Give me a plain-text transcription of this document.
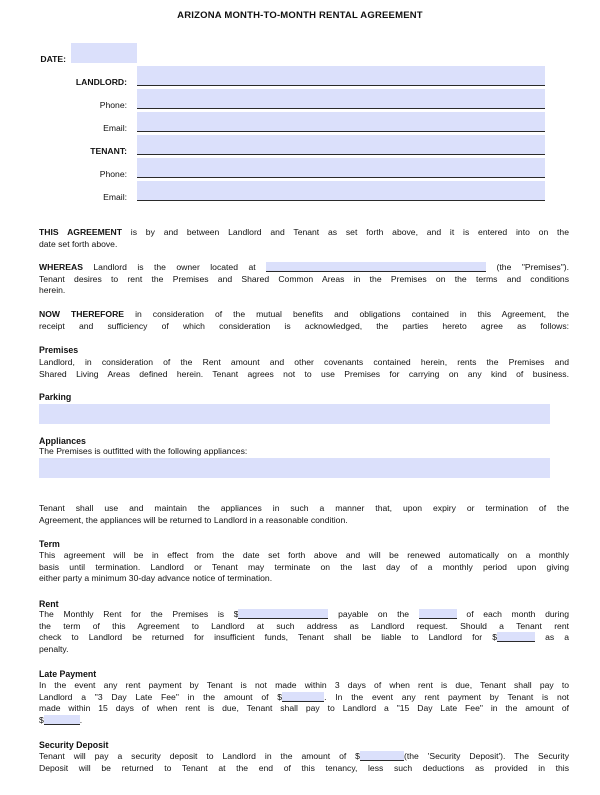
ARIZONA MONTH-TO-MONTH RENTAL AGREEMENT
DATE:
LANDLORD:
Phone:
Email:
TENANT:
Phone:
Email:
THIS AGREEMENT is by and between Landlord and Tenant as set forth above, and it is entered into on the
date set forth above.
WHEREAS Landlord is the owner located at	(the "Premises").
Tenant desires to rent the Premises and Shared Common Areas in the Premises on the terms and conditions
herein.
NOW THEREFORE in consideration of the mutual benefits and obligations contained in this Agreement, the
receipt and sufficiency of which consideration is acknowledged, the parties hereto agree as follows:
Premises
Landlord, in consideration of the Rent amount and other covenants contained herein, rents the Premises and
Shared Living Areas defined herein. Tenant agrees not to use Premises for carrying on any kind of business.
Parking
Appliances
The Premises is outfitted with the following appliances:
Tenant shall use and maintain the appliances in such a manner that, upon expiry or termination of the
Agreement, the appliances will be returned to Landlord in a reasonable condition.
Term
This agreement will be in effect from the date set forth above and will be renewed automatically on a monthly
basis until termination. Landlord or Tenant may terminate on the last day of a monthly period upon giving
either party a minimum 30-day advance notice of termination.
Rent
The Monthly Rent for the Premises is $	payable on the	of each month during
the term of this Agreement to Landlord at such address as Landlord request. Should a Tenant rent
check to Landlord be returned for insufficient funds, Tenant shall be liable to Landlord for $	as a
penalty.
Late Payment
In the event any rent payment by Tenant is not made within 3 days of when rent is due, Tenant shall pay to
Landlord a "3 Day Late Fee" in the amount of $	. In the event any rent payment by Tenant is not
made within 15 days of when rent is due, Tenant shall pay to Landlord a "15 Day Late Fee" in the amount of
$	.
Security Deposit
Tenant will pay a security deposit to Landlord in the amount of $	(the 'Security Deposit'). The Security
Deposit will be returned to Tenant at the end of this tenancy, less such deductions as provided in this
